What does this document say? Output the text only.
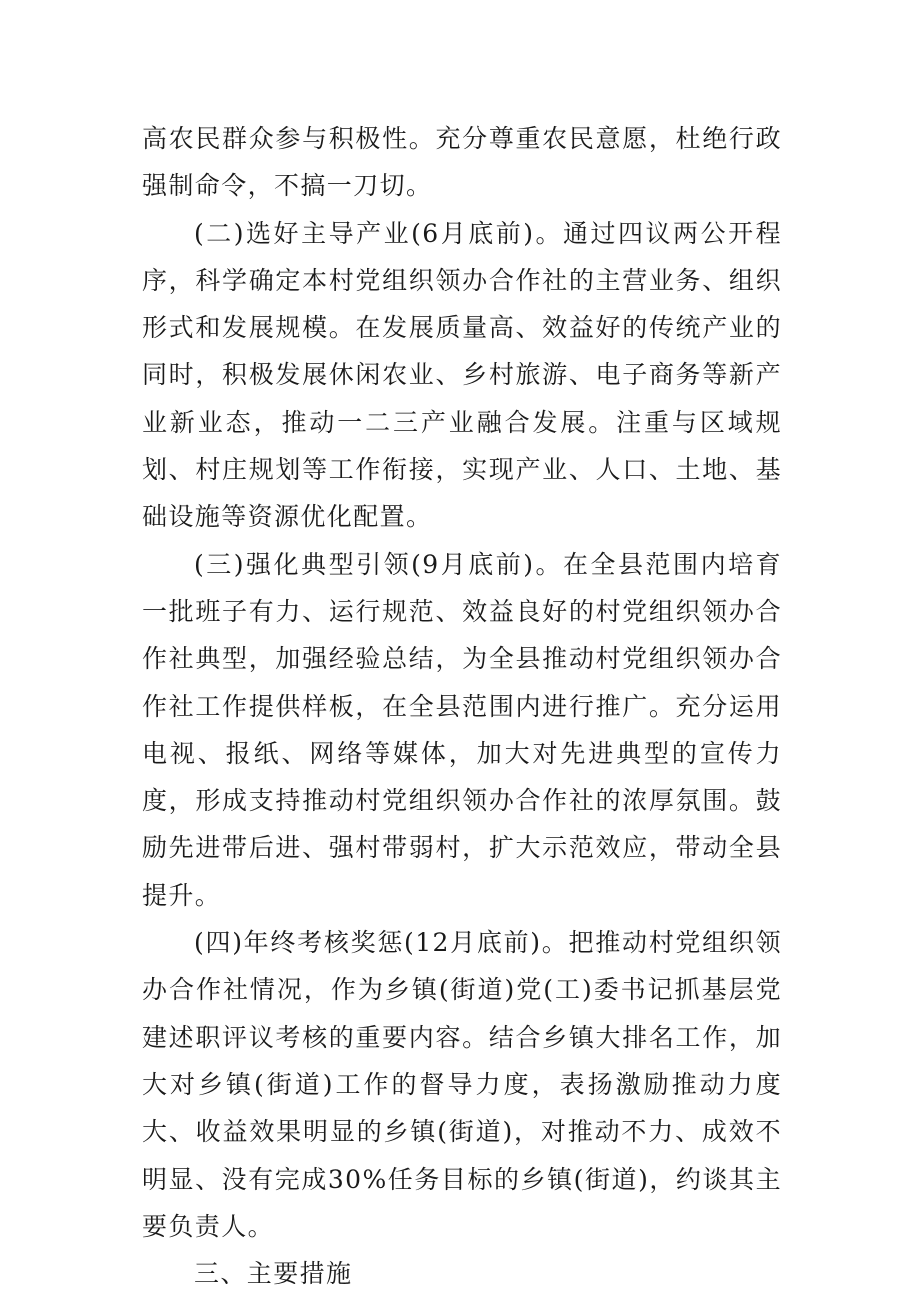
高农民群众参与积极性。充分尊重农民意愿，杜绝行政强制命令，不搞一刀切。

(二)选好主导产业(6月底前)。通过四议两公开程序，科学确定本村党组织领办合作社的主营业务、组织形式和发展规模。在发展质量高、效益好的传统产业的同时，积极发展休闲农业、乡村旅游、电子商务等新产业新业态，推动一二三产业融合发展。注重与区域规划、村庄规划等工作衔接，实现产业、人口、土地、基础设施等资源优化配置。

(三)强化典型引领(9月底前)。在全县范围内培育一批班子有力、运行规范、效益良好的村党组织领办合作社典型，加强经验总结，为全县推动村党组织领办合作社工作提供样板，在全县范围内进行推广。充分运用电视、报纸、网络等媒体，加大对先进典型的宣传力度，形成支持推动村党组织领办合作社的浓厚氛围。鼓励先进带后进、强村带弱村，扩大示范效应，带动全县提升。

(四)年终考核奖惩(12月底前)。把推动村党组织领办合作社情况，作为乡镇(街道)党(工)委书记抓基层党建述职评议考核的重要内容。结合乡镇大排名工作，加大对乡镇(街道)工作的督导力度，表扬激励推动力度大、收益效果明显的乡镇(街道)，对推动不力、成效不明显、没有完成30%任务目标的乡镇(街道)，约谈其主要负责人。

三、主要措施
